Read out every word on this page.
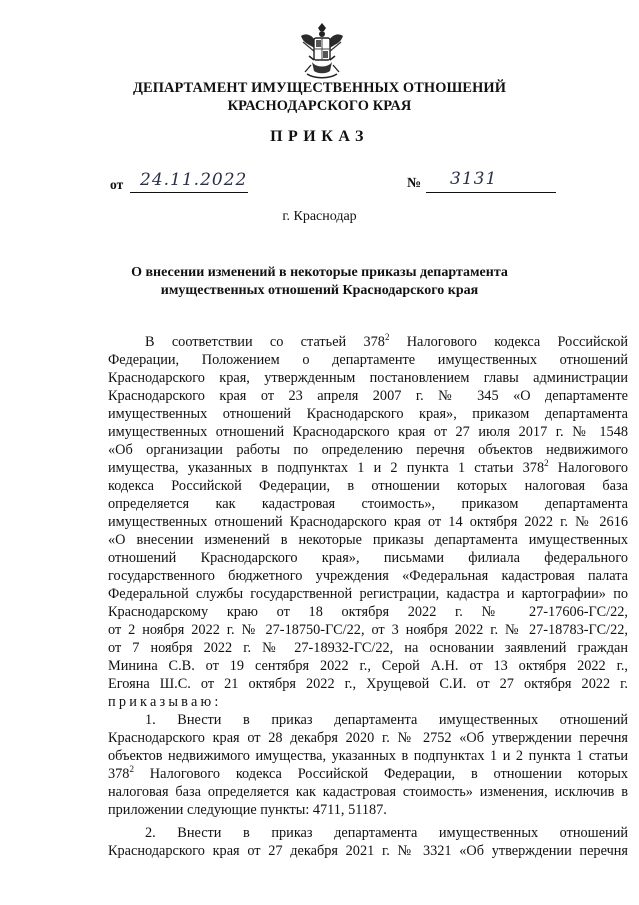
ДЕПАРТАМЕНТ ИМУЩЕСТВЕННЫХ ОТНОШЕНИЙ
КРАСНОДАРСКОГО КРАЯ
ПРИКАЗ
от 24.11.2022	№ 3131
г. Краснодар
О внесении изменений в некоторые приказы департамента
имущественных отношений Краснодарского края
В соответствии со статьей $378^2$ Налогового кодекса Российской
Федерации, Положением о департаменте имущественных отношений
Краснодарского края, утвержденным постановлением главы администрации
Краснодарского края от 23 апреля 2007 г. № 345 «О департаменте
имущественных отношений Краснодарского края», приказом департамента
имущественных отношений Краснодарского края от 27 июля 2017 г. № 1548
«Об организации работы по определению перечня объектов недвижимого
имущества, указанных в подпунктах 1 и 2 пункта 1 статьи $378^2$ Налогового
кодекса Российской Федерации, в отношении которых налоговая база
определяется как кадастровая стоимость», приказом департамента
имущественных отношений Краснодарского края от 14 октября 2022 г. № 2616
«О внесении изменений в некоторые приказы департамента имущественных
отношений Краснодарского края», письмами филиала федерального
государственного бюджетного учреждения «Федеральная кадастровая палата
Федеральной службы государственной регистрации, кадастра и картографии» по
Краснодарскому краю от 18 октября 2022 г. № 27-17606-ГС/22,
от 2 ноября 2022 г. № 27-18750-ГС/22, от 3 ноября 2022 г. № 27-18783-ГС/22,
от 7 ноября 2022 г. № 27-18932-ГС/22, на основании заявлений граждан
Минина С.В. от 19 сентября 2022 г., Серой А.Н. от 13 октября 2022 г.,
Егояна Ш.С. от 21 октября 2022 г., Хрущевой С.И. от 27 октября 2022 г.
приказываю:
1. Внести в приказ департамента имущественных отношений
Краснодарского края от 28 декабря 2020 г. № 2752 «Об утверждении перечня
объектов недвижимого имущества, указанных в подпунктах 1 и 2 пункта 1 статьи
$378^2$ Налогового кодекса Российской Федерации, в отношении которых
налоговая база определяется как кадастровая стоимость» изменения, исключив в
приложении следующие пункты: 4711, 51187.
2. Внести в приказ департамента имущественных отношений
Краснодарского края от 27 декабря 2021 г. № 3321 «Об утверждении перечня
